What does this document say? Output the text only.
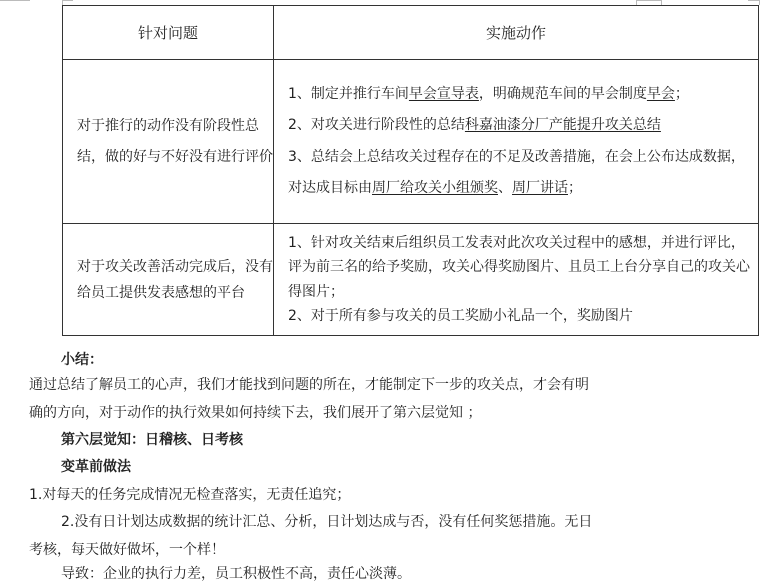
针对问题	实施动作
对于推行的动作没有阶段性总结，做的好与不好没有进行评价	1、制定并推行车间早会宣导表，明确规范车间的早会制度早会；
2、对攻关进行阶段性的总结科嘉油漆分厂产能提升攻关总结
3、总结会上总结攻关过程存在的不足及改善措施，在会上公布达成数据，对达成目标由周厂给攻关小组颁奖、周厂讲话；

对于攻关改善活动完成后，没有给员工提供发表感想的平台	1、针对攻关结束后组织员工发表对此次攻关过程中的感想，并进行评比，评为前三名的给予奖励，攻关心得奖励图片、且员工上台分享自己的攻关心得图片；
2、对于所有参与攻关的员工奖励小礼品一个，奖励图片
小结：
通过总结了解员工的心声，我们才能找到问题的所在，才能制定下一步的攻关点，才会有明
确的方向，对于动作的执行效果如何持续下去，我们展开了第六层觉知 ；
第六层觉知：日稽核、日考核
变革前做法
1.对每天的任务完成情况无检查落实，无责任追究；
2.没有日计划达成数据的统计汇总、分析，日计划达成与否，没有任何奖惩措施。无日
考核，每天做好做坏，一个样！
导致：企业的执行力差，员工积极性不高，责任心淡薄。
